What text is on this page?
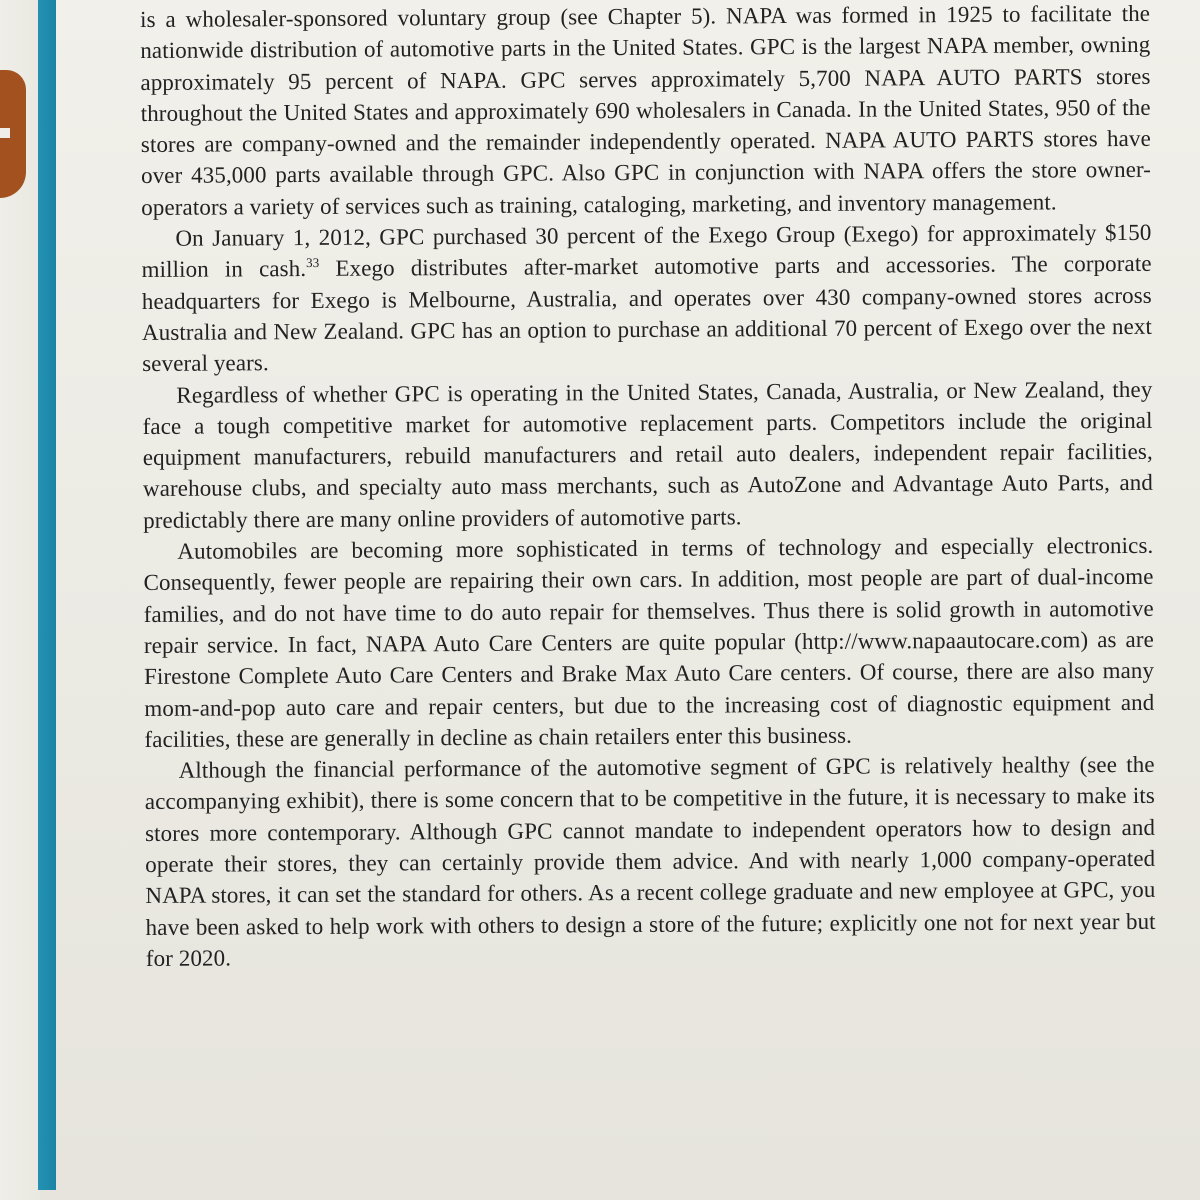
is a wholesaler-sponsored voluntary group (see Chapter 5). NAPA was formed in 1925 to facilitate the nationwide distribution of automotive parts in the United States. GPC is the largest NAPA member, owning approximately 95 percent of NAPA. GPC serves approximately 5,700 NAPA AUTO PARTS stores throughout the United States and approximately 690 wholesalers in Canada. In the United States, 950 of the stores are company-owned and the remainder independently operated. NAPA AUTO PARTS stores have over 435,000 parts available through GPC. Also GPC in conjunction with NAPA offers the store owner-operators a variety of services such as training, cataloging, marketing, and inventory management.

On January 1, 2012, GPC purchased 30 percent of the Exego Group (Exego) for approximately $150 million in cash.$^{33}$ Exego distributes after-market automotive parts and accessories. The corporate headquarters for Exego is Melbourne, Australia, and operates over 430 company-owned stores across Australia and New Zealand. GPC has an option to purchase an additional 70 percent of Exego over the next several years.

Regardless of whether GPC is operating in the United States, Canada, Australia, or New Zealand, they face a tough competitive market for automotive replacement parts. Competitors include the original equipment manufacturers, rebuild manufacturers and retail auto dealers, independent repair facilities, warehouse clubs, and specialty auto mass merchants, such as AutoZone and Advantage Auto Parts, and predictably there are many online providers of automotive parts.

Automobiles are becoming more sophisticated in terms of technology and especially electronics. Consequently, fewer people are repairing their own cars. In addition, most people are part of dual-income families, and do not have time to do auto repair for themselves. Thus there is solid growth in automotive repair service. In fact, NAPA Auto Care Centers are quite popular (http://www.napaautocare.com) as are Firestone Complete Auto Care Centers and Brake Max Auto Care centers. Of course, there are also many mom-and-pop auto care and repair centers, but due to the increasing cost of diagnostic equipment and facilities, these are generally in decline as chain retailers enter this business.

Although the financial performance of the automotive segment of GPC is relatively healthy (see the accompanying exhibit), there is some concern that to be competitive in the future, it is necessary to make its stores more contemporary. Although GPC cannot mandate to independent operators how to design and operate their stores, they can certainly provide them advice. And with nearly 1,000 company-operated NAPA stores, it can set the standard for others. As a recent college graduate and new employee at GPC, you have been asked to help work with others to design a store of the future; explicitly one not for next year but for 2020.
